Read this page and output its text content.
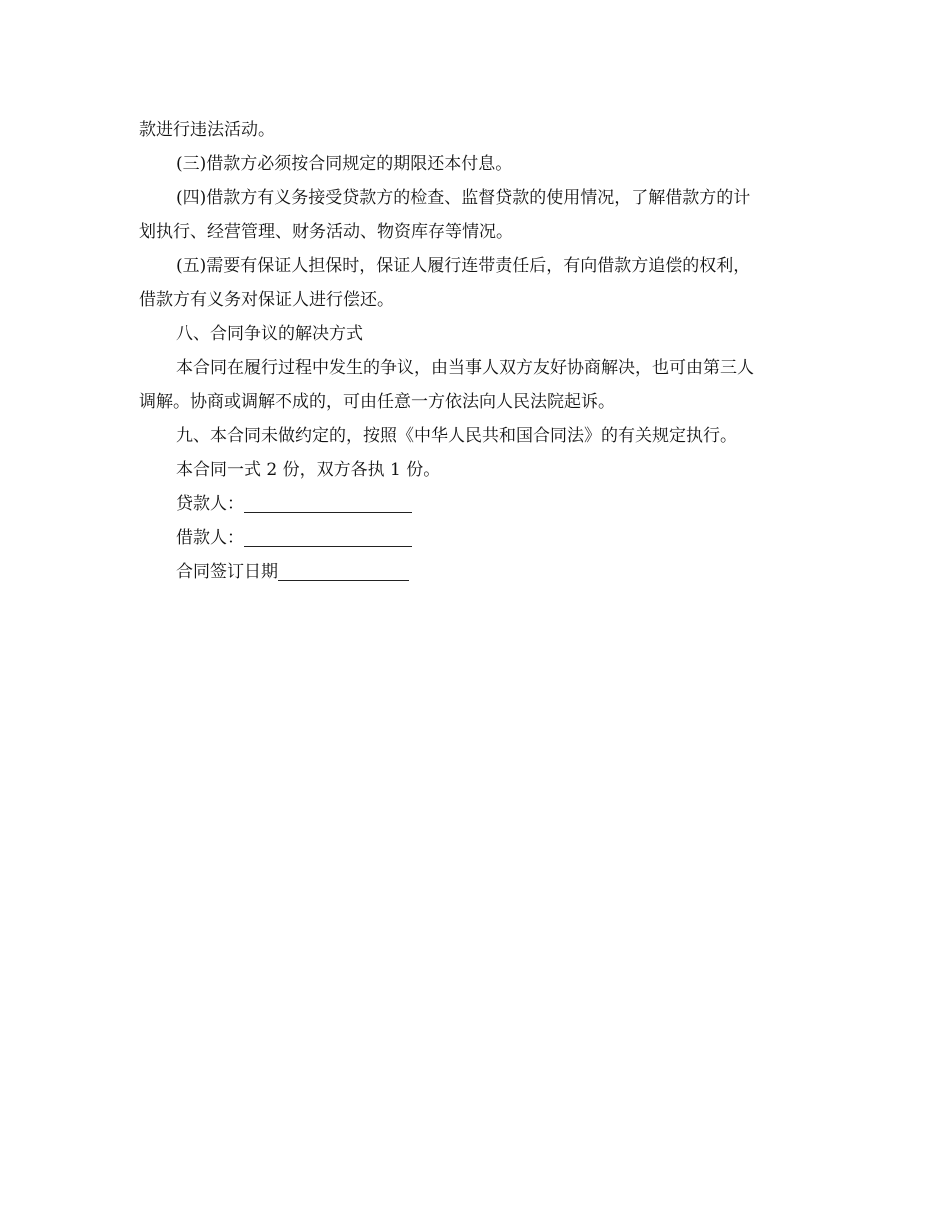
款进行违法活动。

(三)借款方必须按合同规定的期限还本付息。

(四)借款方有义务接受贷款方的检查、监督贷款的使用情况，了解借款方的计

划执行、经营管理、财务活动、物资库存等情况。

(五)需要有保证人担保时，保证人履行连带责任后，有向借款方追偿的权利，

借款方有义务对保证人进行偿还。

八、合同争议的解决方式

本合同在履行过程中发生的争议，由当事人双方友好协商解决，也可由第三人

调解。协商或调解不成的，可由任意一方依法向人民法院起诉。

九、本合同未做约定的，按照《中华人民共和国合同法》的有关规定执行。

本合同一式 2 份，双方各执 1 份。

贷款人：
借款人：
合同签订日期
